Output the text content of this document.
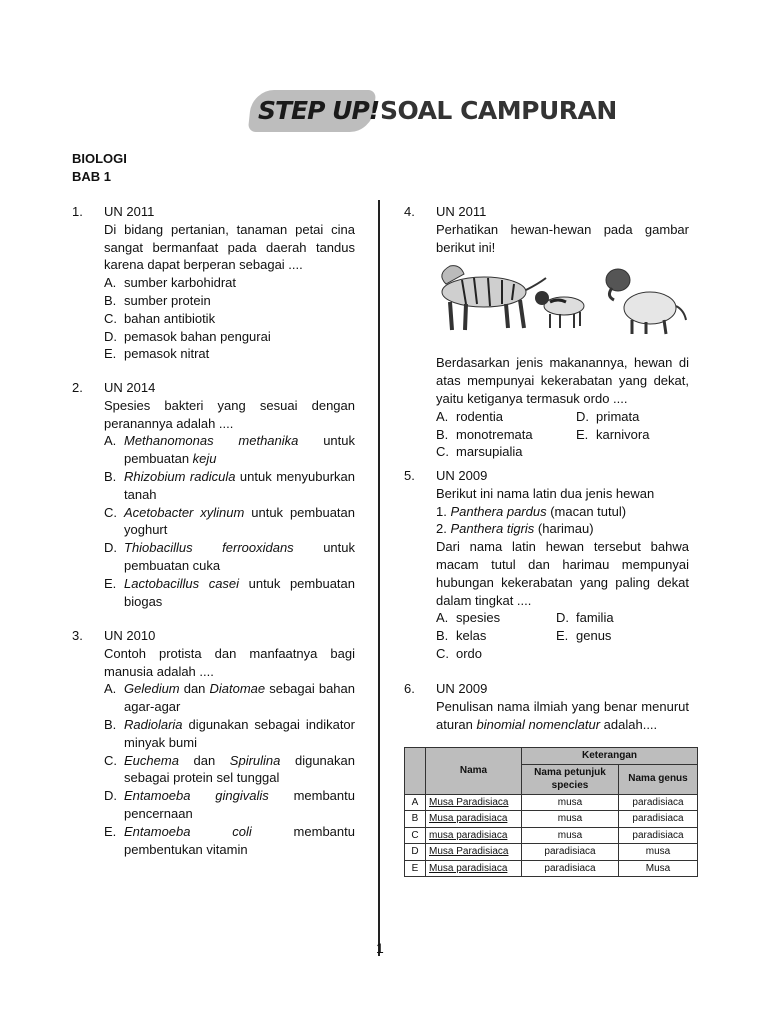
STEP UP! SOAL CAMPURAN
BIOLOGI
BAB 1
1. UN 2011
Di bidang pertanian, tanaman petai cina sangat bermanfaat pada daerah tandus karena dapat berperan sebagai ....
A. sumber karbohidrat
B. sumber protein
C. bahan antibiotik
D. pemasok bahan pengurai
E. pemasok nitrat
2. UN 2014
Spesies bakteri yang sesuai dengan peranannya adalah ....
A. Methanomonas methanika untuk pembuatan keju
B. Rhizobium radicula untuk menyuburkan tanah
C. Acetobacter xylinum untuk pembuatan yoghurt
D. Thiobacillus ferrooxidans untuk pembuatan cuka
E. Lactobacillus casei untuk pembuatan biogas
3. UN 2010
Contoh protista dan manfaatnya bagi manusia adalah ....
A. Geledium dan Diatomae sebagai bahan agar-agar
B. Radiolaria digunakan sebagai indikator minyak bumi
C. Euchema dan Spirulina digunakan sebagai protein sel tunggal
D. Entamoeba gingivalis membantu pencernaan
E. Entamoeba coli membantu pembentukan vitamin
4. UN 2011
Perhatikan hewan-hewan pada gambar berikut ini!
Berdasarkan jenis makanannya, hewan di atas mempunyai kekerabatan yang dekat, yaitu ketiganya termasuk ordo ....
A. rodentia	D. primata
B. monotremata	E. karnivora
C. marsupialia
5. UN 2009
Berikut ini nama latin dua jenis hewan
1. Panthera pardus (macan tutul)
2. Panthera tigris (harimau)
Dari nama latin hewan tersebut bahwa macam tutul dan harimau mempunyai hubungan kekerabatan yang paling dekat dalam tingkat ....
A. spesies	D. familia
B. kelas	E. genus
C. ordo
6. UN 2009
Penulisan nama ilmiah yang benar menurut aturan binomial nomenclatur adalah....
	Nama	Keterangan	
		Nama petunjuk species	Nama genus
A	Musa Paradisiaca	musa	paradisiaca
B	Musa paradisiaca	musa	paradisiaca
C	musa paradisiaca	musa	paradisiaca
D	Musa Paradisiaca	paradisiaca	musa
E	Musa paradisiaca	paradisiaca	Musa
1
